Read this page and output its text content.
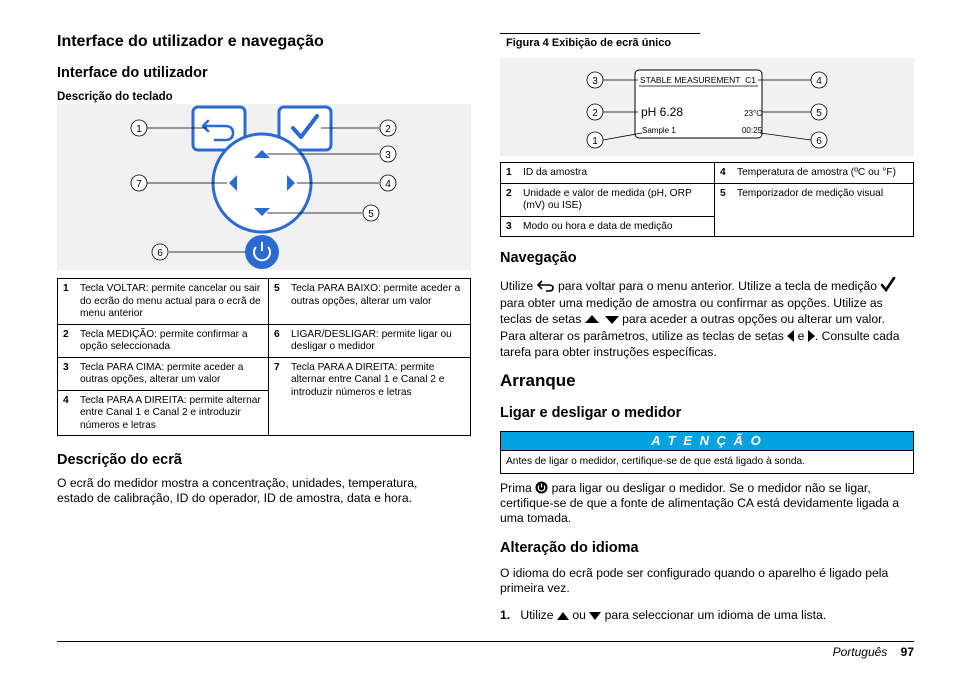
Interface do utilizador e navegação
Interface do utilizador
Descrição do teclado
1	2
3
4
5
6
7
1	Tecla VOLTAR: permite cancelar ou sair do ecrão do menu actual para o ecrã de menu anterior	5	Tecla PARA BAIXO: permite aceder a outras opções, alterar um valor
2	Tecla MEDIÇÃO: permite confirmar a opção seleccionada	6	LIGAR/DESLIGAR: permite ligar ou desligar o medidor
3	Tecla PARA CIMA: permite aceder a outras opções, alterar um valor	7	Tecla PARA A DIREITA: permite alternar entre Canal 1 e Canal 2 e introduzir números e letras
4	Tecla PARA A DIREITA: permite alternar entre Canal 1 e Canal 2 e introduzir números e letras		
Descrição do ecrã

O ecrã do medidor mostra a concentração, unidades, temperatura, estado de calibração, ID do operador, ID de amostra, data e hora.

Figura 4 Exibição de ecrã único
STABLE MEASUREMENT C1
pH 6.28	23°C
Sample 1	00:25
3	4
2	5
1	6
1	ID da amostra	4	Temperatura de amostra (ºC ou °F)
2	Unidade e valor de medida (pH, ORP (mV) ou ISE)	5	Temporizador de medição visual
3	Modo ou hora e data de medição		
Navegação

Utilize para voltar para o menu anterior. Utilize a tecla de medição  para obter uma medição de amostra ou confirmar as opções. Utilize as teclas de setas	para aceder a outras opções ou alterar um valor. Para alterar os parâmetros, utilize as teclas de setas e . Consulte cada tarefa para obter instruções específicas.

Arranque
Ligar e desligar o medidor
A T E N Ç Ã O
Antes de ligar o medidor, certifique-se de que está ligado à sonda.

Prima para ligar ou desligar o medidor. Se o medidor não se ligar, certifique-se de que a fonte de alimentação CA está devidamente ligada a uma tomada.

Alteração do idioma

O idioma do ecrã pode ser configurado quando o aparelho é ligado pela primeira vez.

1. Utilize ou para seleccionar um idioma de uma lista.

Português 97
